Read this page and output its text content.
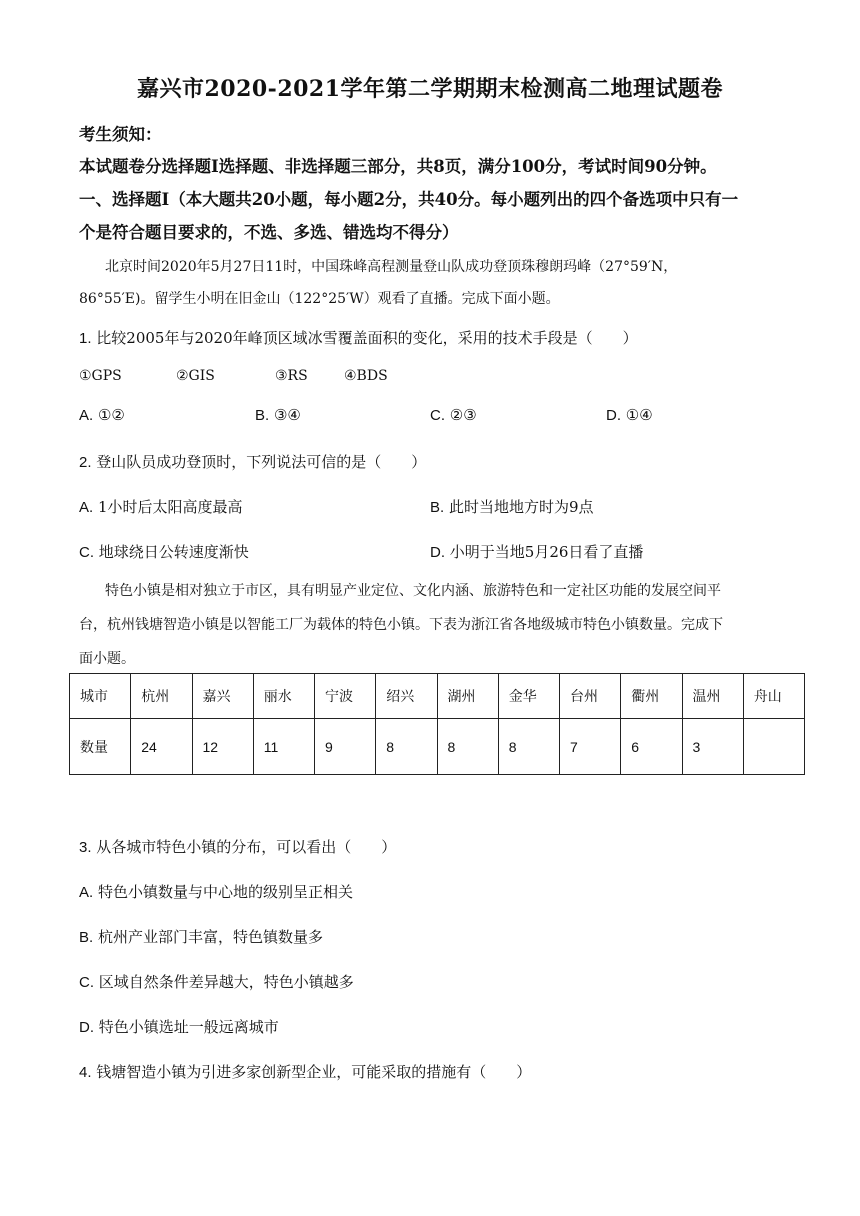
嘉兴市2020-2021学年第二学期期末检测高二地理试题卷
考生须知：
本试题卷分选择题Ⅰ选择题、非选择题三部分，共8页，满分100分，考试时间90分钟。
一、选择题Ⅰ（本大题共20小题，每小题2分，共40分。每小题列出的四个备选项中只有一
个是符合题目要求的，不选、多选、错选均不得分）
北京时间2020年5月27日11时，中国珠峰高程测量登山队成功登顶珠穆朗玛峰（27°59′N，
86°55′E)。留学生小明在旧金山（122°25′W）观看了直播。完成下面小题。
1. 比较2005年与2020年峰顶区域冰雪覆盖面积的变化，采用的技术手段是（　　）
①GPS	②GIS	③RS	④BDS
A. ①②	B. ③④	C. ②③	D. ①④
2. 登山队员成功登顶时，下列说法可信的是（　　）
A. 1小时后太阳高度最高	B. 此时当地地方时为9点
C. 地球绕日公转速度渐快	D. 小明于当地5月26日看了直播
特色小镇是相对独立于市区，具有明显产业定位、文化内涵、旅游特色和一定社区功能的发展空间平
台，杭州钱塘智造小镇是以智能工厂为载体的特色小镇。下表为浙江省各地级城市特色小镇数量。完成下
面小题。
城市	杭州	嘉兴	丽水	宁波	绍兴	湖州	金华	台州	衢州	温州	舟山
数量	24	12	11	9	8	8	8	7	6	3	
3. 从各城市特色小镇的分布，可以看出（　　）
A. 特色小镇数量与中心地的级别呈正相关
B. 杭州产业部门丰富，特色镇数量多
C. 区域自然条件差异越大，特色小镇越多
D. 特色小镇选址一般远离城市
4. 钱塘智造小镇为引进多家创新型企业，可能采取的措施有（　　）
